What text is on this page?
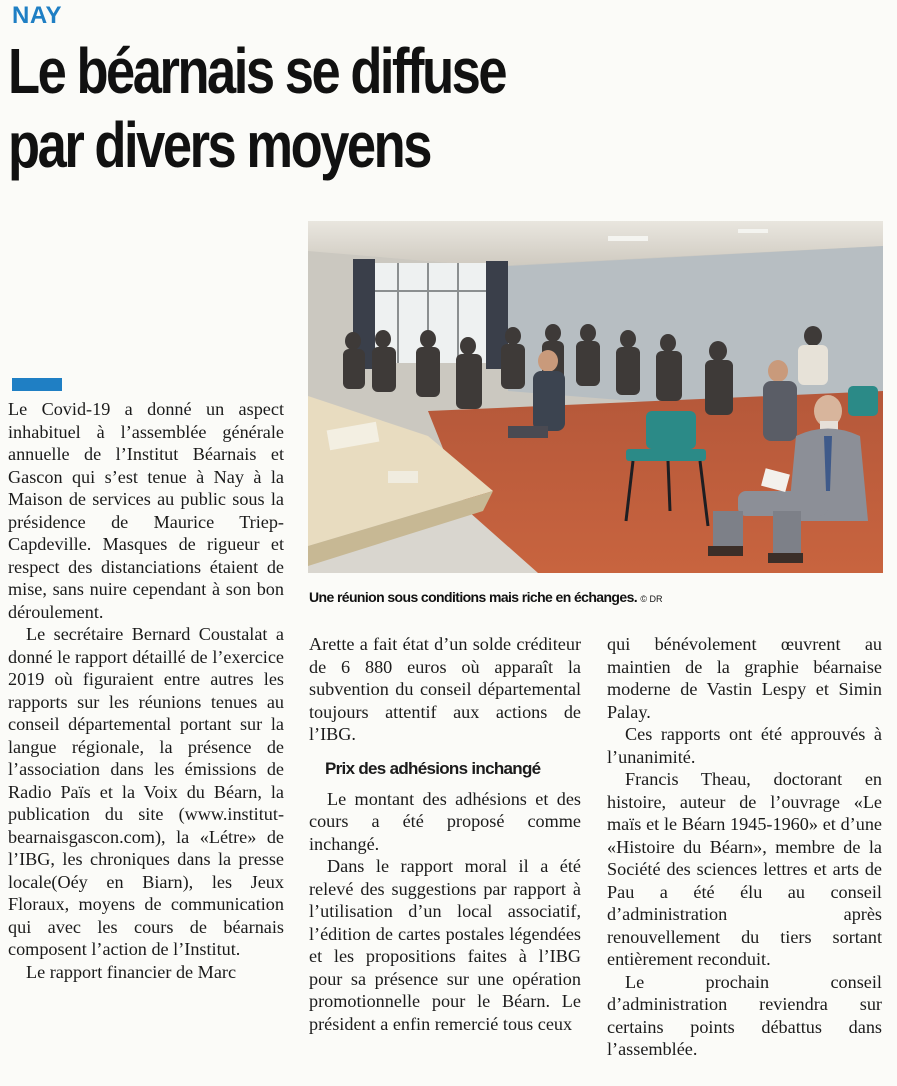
NAY
Le béarnais se diffuse
par divers moyens
Une réunion sous conditions mais riche en échanges. © DR

Le Covid-19 a donné un aspect inhabituel à l’assemblée générale annuelle de l’Institut Béarnais et Gascon qui s’est tenue à Nay à la Maison de services au public sous la présidence de Maurice Triep-Capdeville. Masques de rigueur et respect des distanciations étaient de mise, sans nuire cependant à son bon déroulement.

Le secrétaire Bernard Coustalat a donné le rapport détaillé de l’exercice 2019 où figuraient entre autres les rapports sur les réunions tenues au conseil départemental portant sur la langue régionale, la présence de l’association dans les émissions de Radio Païs et la Voix du Béarn, la publication du site (www.institut-bearnaisgascon.com), la «Létre» de l’IBG, les chroniques dans la presse locale(Oéy en Biarn), les Jeux Floraux, moyens de communication qui avec les cours de béarnais composent l’action de l’Institut.

Le rapport financier de Marc

Arette a fait état d’un solde créditeur de 6 880 euros où apparaît la subvention du conseil départemental toujours attentif aux actions de l’IBG.

Prix des adhésions inchangé

Le montant des adhésions et des cours a été proposé comme inchangé.

Dans le rapport moral il a été relevé des suggestions par rapport à l’utilisation d’un local associatif, l’édition de cartes postales légendées et les propositions faites à l’IBG pour sa présence sur une opération promotionnelle pour le Béarn. Le président a enfin remercié tous ceux

qui bénévolement œuvrent au maintien de la graphie béarnaise moderne de Vastin Lespy et Simin Palay.

Ces rapports ont été approuvés à l’unanimité.

Francis Theau, doctorant en histoire, auteur de l’ouvrage «Le maïs et le Béarn 1945-1960» et d’une «Histoire du Béarn», membre de la Société des sciences lettres et arts de Pau a été élu au conseil d’administration après renouvellement du tiers sortant entièrement reconduit.

Le prochain conseil d’administration reviendra sur certains points débattus dans l’assemblée.
